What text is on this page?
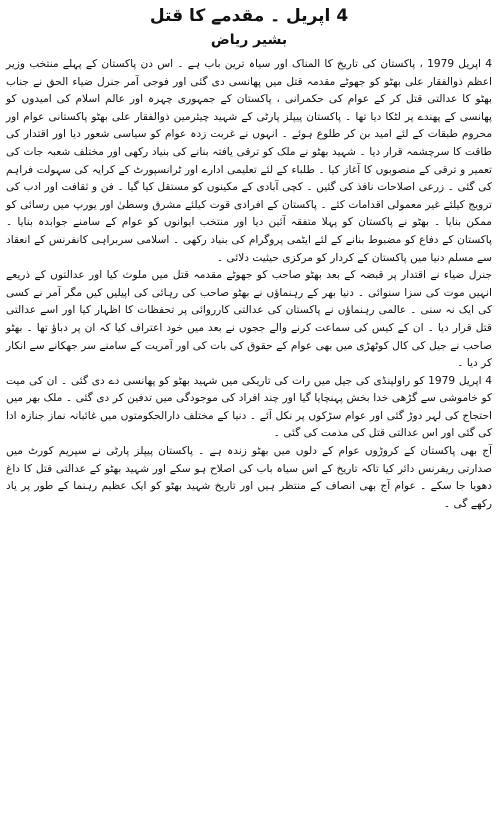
4 اپریل ۔ مقدمے کا قتل
بشیر ریاض

4 اپریل 1979 ، پاکستان کی تاریخ کا المناک اور سیاہ ترین باب ہے ۔ اس دن پاکستان کے پہلے منتخب وزیر اعظم ذوالفقار علی بھٹو کو جھوٹے مقدمہ قتل میں پھانسی دی گئی اور فوجی آمر جنرل ضیاء الحق نے جناب بھٹو کا عدالتی قتل کر کے عوام کی حکمرانی ، پاکستان کے جمہوری چہرہ اور عالم اسلام کی امیدوں کو پھانسی کے پھندے پر لٹکا دیا تھا ۔ پاکستان پیپلز پارٹی کے شہید چیئرمین ذوالفقار علی بھٹو پاکستانی عوام اور محروم طبقات کے لئے امید بن کر طلوع ہوئے ۔ انہوں نے غربت زدہ عوام کو سیاسی شعور دیا اور اقتدار کی طاقت کا سرچشمہ قرار دیا ۔ شہید بھٹو نے ملک کو ترقی یافتہ بنانے کی بنیاد رکھی اور مختلف شعبہ جات کی تعمیر و ترقی کے منصوبوں کا آغاز کیا ۔ طلباء کے لئے تعلیمی ادارے اور ٹرانسپورٹ کے کرایہ کی سہولت فراہم کی گئی ۔ زرعی اصلاحات نافذ کی گئیں ۔ کچی آبادی کے مکینوں کو مستقل کیا گیا ۔ فن و ثقافت اور ادب کی ترویج کیلئے غیر معمولی اقدامات کئے ۔ پاکستان کے افرادی قوت کیلئے مشرق وسطیٰ اور یورپ میں رسائی کو ممکن بنایا ۔ بھٹو نے پاکستان کو پہلا متفقہ آئین دیا اور منتخب ایوانوں کو عوام کے سامنے جوابدہ بنایا ۔ پاکستان کے دفاع کو مضبوط بنانے کے لئے ایٹمی پروگرام کی بنیاد رکھی ۔ اسلامی سربراہی کانفرنس کے انعقاد سے مسلم دنیا میں پاکستان کے کردار کو مرکزی حیثیت دلائی ۔

جنرل ضیاء نے اقتدار پر قبضہ کے بعد بھٹو صاحب کو جھوٹے مقدمہ قتل میں ملوث کیا اور عدالتوں کے ذریعے انہیں موت کی سزا سنوائی ۔ دنیا بھر کے رہنماؤں نے بھٹو صاحب کی رہائی کی اپیلیں کیں مگر آمر نے کسی کی ایک نہ سنی ۔ عالمی رہنماؤں نے پاکستان کی عدالتی کارروائی پر تحفظات کا اظہار کیا اور اسے عدالتی قتل قرار دیا ۔ ان کے کیس کی سماعت کرنے والے ججوں نے بعد میں خود اعتراف کیا کہ ان پر دباؤ تھا ۔ بھٹو صاحب نے جیل کی کال کوٹھڑی میں بھی عوام کے حقوق کی بات کی اور آمریت کے سامنے سر جھکانے سے انکار کر دیا ۔

4 اپریل 1979 کو راولپنڈی کی جیل میں رات کی تاریکی میں شہید بھٹو کو پھانسی دے دی گئی ۔ ان کی میت کو خاموشی سے گڑھی خدا بخش پہنچایا گیا اور چند افراد کی موجودگی میں تدفین کر دی گئی ۔ ملک بھر میں احتجاج کی لہر دوڑ گئی اور عوام سڑکوں پر نکل آئے ۔ دنیا کے مختلف دارالحکومتوں میں غائبانہ نماز جنازہ ادا کی گئی اور اس عدالتی قتل کی مذمت کی گئی ۔

آج بھی پاکستان کے کروڑوں عوام کے دلوں میں بھٹو زندہ ہے ۔ پاکستان پیپلز پارٹی نے سپریم کورٹ میں صدارتی ریفرنس دائر کیا تاکہ تاریخ کے اس سیاہ باب کی اصلاح ہو سکے اور شہید بھٹو کے عدالتی قتل کا داغ دھویا جا سکے ۔ عوام آج بھی انصاف کے منتظر ہیں اور تاریخ شہید بھٹو کو ایک عظیم رہنما کے طور پر یاد رکھے گی ۔
